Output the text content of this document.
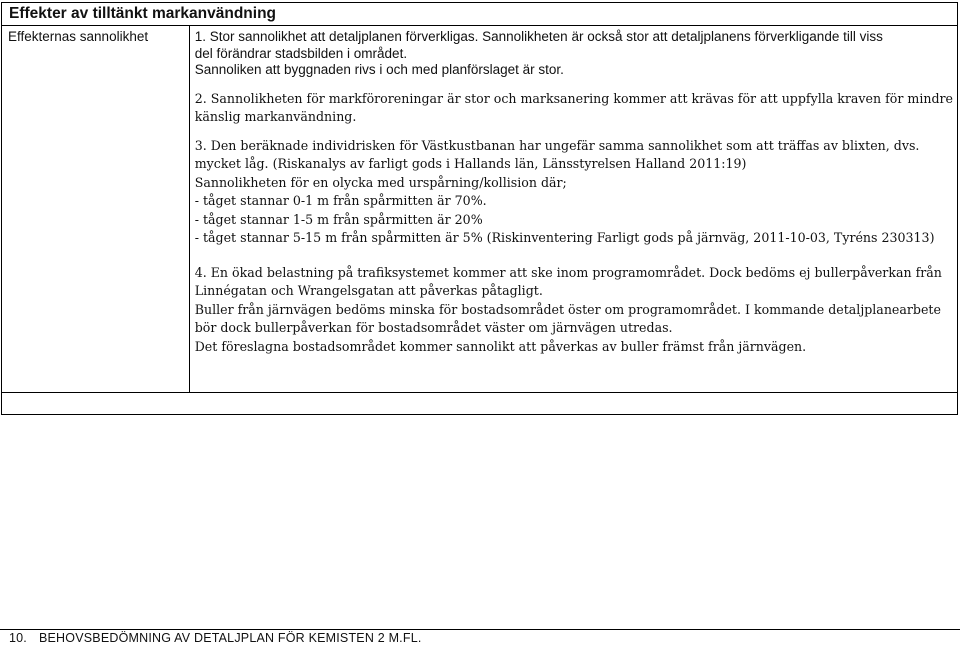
Effekter av tilltänkt markanvändning
Effekternas sannolikhet	1. Stor sannolikhet att detaljplanen förverkligas. Sannolikheten är också stor att detaljplanens förverkligande till viss
del förändrar stadsbilden i området.
Sannoliken att byggnaden rivs i och med planförslaget är stor.
2. Sannolikheten för markföroreningar är stor och marksanering kommer att krävas för att uppfylla kraven för mindre
känslig markanvändning.
3. Den beräknade individrisken för Västkustbanan har ungefär samma sannolikhet som att träffas av blixten, dvs.
mycket låg. (Riskanalys av farligt gods i Hallands län, Länsstyrelsen Halland 2011:19)
Sannolikheten för en olycka med urspårning/kollision där;
- tåget stannar 0-1 m från spårmitten är 70%.
- tåget stannar 1-5 m från spårmitten är 20%
- tåget stannar 5-15 m från spårmitten är 5% (Riskinventering Farligt gods på järnväg, 2011-10-03, Tyréns 230313)
4. En ökad belastning på trafiksystemet kommer att ske inom programområdet. Dock bedöms ej bullerpåverkan från
Linnégatan och Wrangelsgatan att påverkas påtagligt.
Buller från järnvägen bedöms minska för bostadsområdet öster om programområdet. I kommande detaljplanearbete
bör dock bullerpåverkan för bostadsområdet väster om järnvägen utredas.
Det föreslagna bostadsområdet kommer sannolikt att påverkas av buller främst från järnvägen.
10. BEHOVSBEDÖMNING AV DETALJPLAN FÖR KEMISTEN 2 M.FL.
